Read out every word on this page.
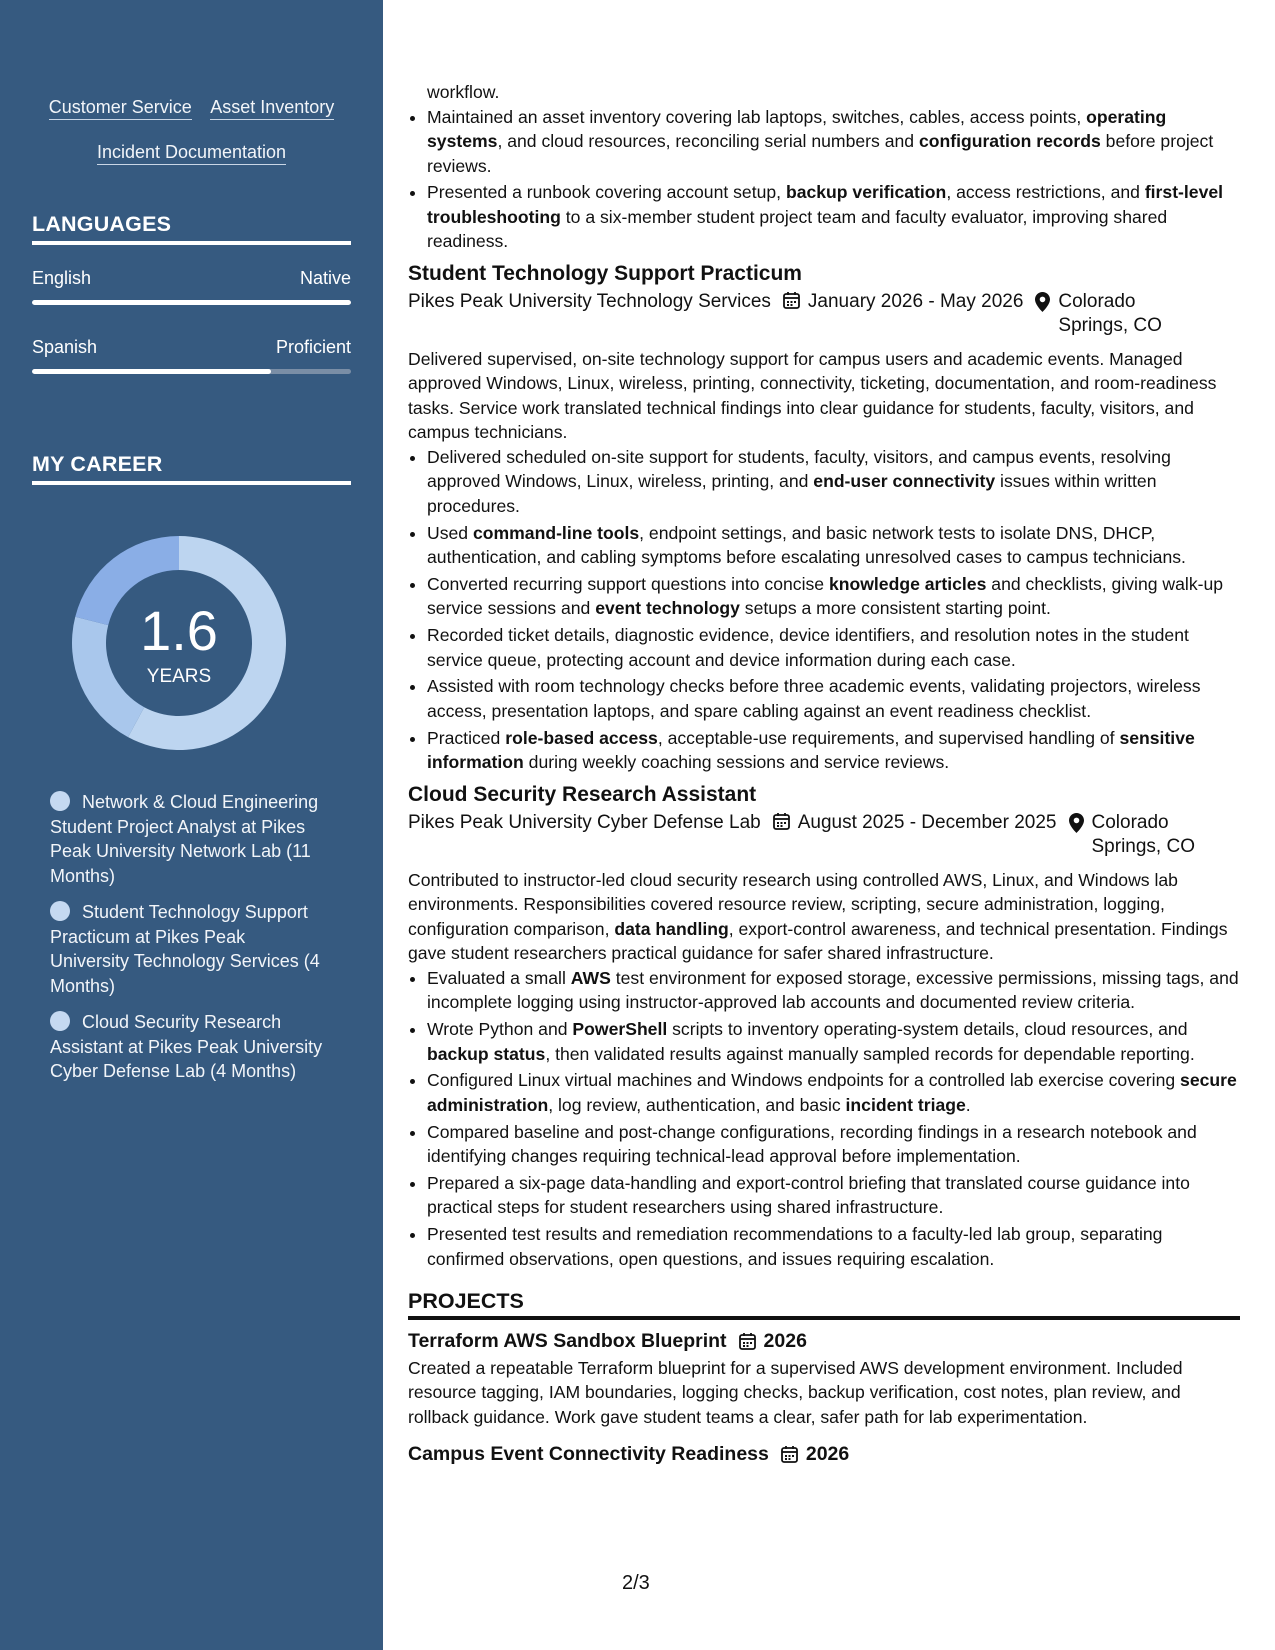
Customer Service Asset Inventory
Incident Documentation
LANGUAGES
English	Native
Spanish	Proficient
MY CAREER
1.6
YEARS
Network & Cloud Engineering Student Project Analyst at Pikes Peak University Network Lab (11 Months)
Student Technology Support Practicum at Pikes Peak University Technology Services (4 Months)
Cloud Security Research Assistant at Pikes Peak University Cyber Defense Lab (4 Months)
workflow.
• Maintained an asset inventory covering lab laptops, switches, cables, access points, operating systems, and cloud resources, reconciling serial numbers and configuration records before project reviews.
• Presented a runbook covering account setup, backup verification, access restrictions, and first-level troubleshooting to a six-member student project team and faculty evaluator, improving shared readiness.
Student Technology Support Practicum
Pikes Peak University Technology Services	January 2026 - May 2026 Colorado Springs, CO
Delivered supervised, on-site technology support for campus users and academic events. Managed approved Windows, Linux, wireless, printing, connectivity, ticketing, documentation, and room-readiness tasks. Service work translated technical findings into clear guidance for students, faculty, visitors, and campus technicians.
• Delivered scheduled on-site support for students, faculty, visitors, and campus events, resolving approved Windows, Linux, wireless, printing, and end-user connectivity issues within written procedures.
• Used command-line tools, endpoint settings, and basic network tests to isolate DNS, DHCP, authentication, and cabling symptoms before escalating unresolved cases to campus technicians.
• Converted recurring support questions into concise knowledge articles and checklists, giving walk-up service sessions and event technology setups a more consistent starting point.
• Recorded ticket details, diagnostic evidence, device identifiers, and resolution notes in the student service queue, protecting account and device information during each case.
• Assisted with room technology checks before three academic events, validating projectors, wireless access, presentation laptops, and spare cabling against an event readiness checklist.
• Practiced role-based access, acceptable-use requirements, and supervised handling of sensitive information during weekly coaching sessions and service reviews.
Cloud Security Research Assistant
Pikes Peak University Cyber Defense Lab	August 2025 - December 2025 Colorado Springs, CO
Contributed to instructor-led cloud security research using controlled AWS, Linux, and Windows lab environments. Responsibilities covered resource review, scripting, secure administration, logging, configuration comparison, data handling, export-control awareness, and technical presentation. Findings gave student researchers practical guidance for safer shared infrastructure.
• Evaluated a small AWS test environment for exposed storage, excessive permissions, missing tags, and incomplete logging using instructor-approved lab accounts and documented review criteria.
• Wrote Python and PowerShell scripts to inventory operating-system details, cloud resources, and backup status, then validated results against manually sampled records for dependable reporting.
• Configured Linux virtual machines and Windows endpoints for a controlled lab exercise covering secure administration, log review, authentication, and basic incident triage.
• Compared baseline and post-change configurations, recording findings in a research notebook and identifying changes requiring technical-lead approval before implementation.
• Prepared a six-page data-handling and export-control briefing that translated course guidance into practical steps for student researchers using shared infrastructure.
• Presented test results and remediation recommendations to a faculty-led lab group, separating confirmed observations, open questions, and issues requiring escalation.
PROJECTS
Terraform AWS Sandbox Blueprint 2026
Created a repeatable Terraform blueprint for a supervised AWS development environment. Included resource tagging, IAM boundaries, logging checks, backup verification, cost notes, plan review, and rollback guidance. Work gave student teams a clear, safer path for lab experimentation.
Campus Event Connectivity Readiness 2026
2/3
